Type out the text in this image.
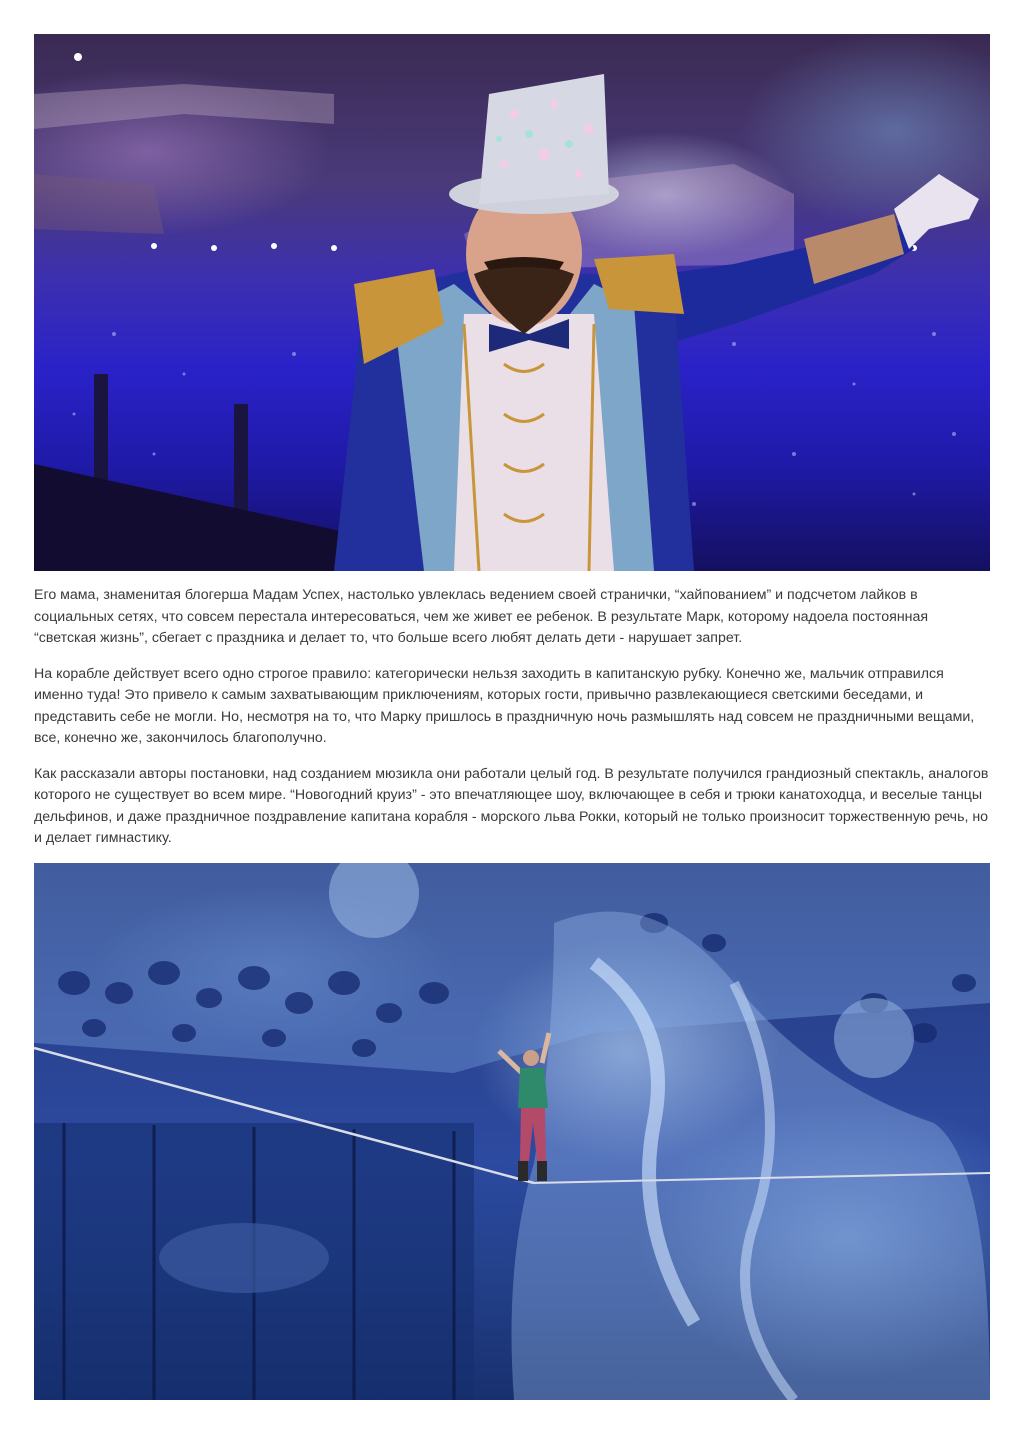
Его мама, знаменитая блогерша Мадам Успех, настолько увлеклась ведением своей странички, “хайпованием” и подсчетом лайков в социальных сетях, что совсем перестала интересоваться, чем же живет ее ребенок. В результате Марк, которому надоела постоянная “светская жизнь”, сбегает с праздника и делает то, что больше всего любят делать дети - нарушает запрет.

На корабле действует всего одно строгое правило: категорически нельзя заходить в капитанскую рубку. Конечно же, мальчик отправился именно туда! Это привело к самым захватывающим приключениям, которых гости, привычно развлекающиеся светскими беседами, и представить себе не могли. Но, несмотря на то, что Марку пришлось в праздничную ночь размышлять над совсем не праздничными вещами, все, конечно же, закончилось благополучно.

Как рассказали авторы постановки, над созданием мюзикла они работали целый год. В результате получился грандиозный спектакль, аналогов которого не существует во всем мире. “Новогодний круиз” - это впечатляющее шоу, включающее в себя и трюки канатоходца, и веселые танцы дельфинов, и даже праздничное поздравление капитана корабля - морского льва Рокки, который не только произносит торжественную речь, но и делает гимнастику.
